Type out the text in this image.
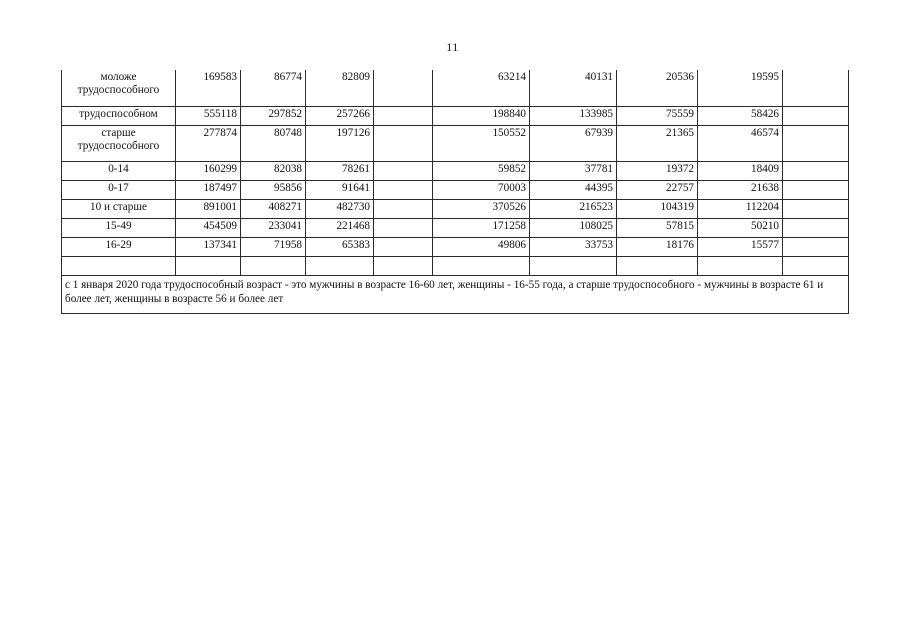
11
моложе трудоспособного	169583	86774	82809		63214	40131	20536	19595	
трудоспособном	555118	297852	257266		198840	133985	75559	58426	
старше трудоспособного	277874	80748	197126		150552	67939	21365	46574	
0-14	160299	82038	78261		59852	37781	19372	18409	
0-17	187497	95856	91641		70003	44395	22757	21638	
10 и старше	891001	408271	482730		370526	216523	104319	112204	
15-49	454509	233041	221468		171258	108025	57815	50210	
16-29	137341	71958	65383		49806	33753	18176	15577	

с 1 января 2020 года трудоспособный возраст - это мужчины в возрасте 16-60 лет, женщины - 16-55 года, а старше трудоспособного - мужчины в возрасте 61 и более лет, женщины в возрасте 56 и более лет									
